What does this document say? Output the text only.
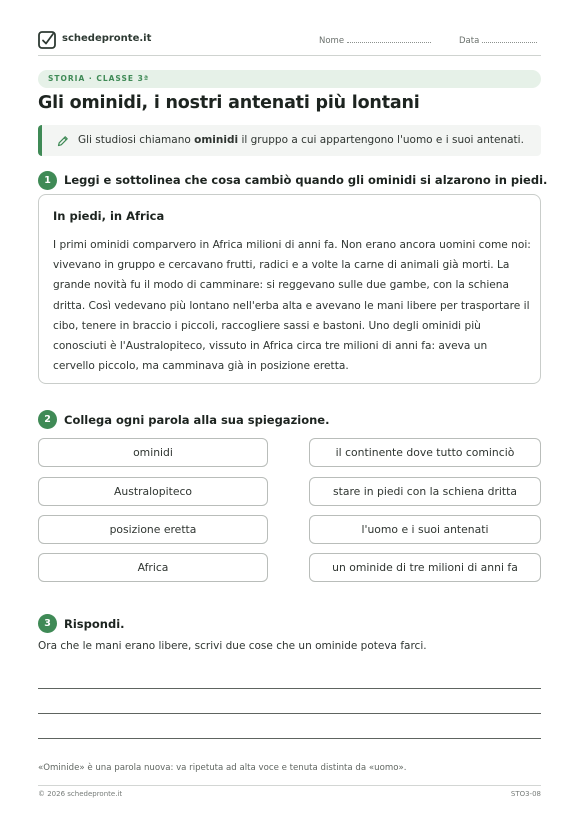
schedepronte.it	Nome	Data
STORIA · CLASSE 3ª
Gli ominidi, i nostri antenati più lontani
Gli studiosi chiamano ominidi il gruppo a cui appartengono l'uomo e i suoi antenati.
1	Leggi e sottolinea che cosa cambiò quando gli ominidi si alzarono in piedi.
In piedi, in Africa

I primi ominidi comparvero in Africa milioni di anni fa. Non erano ancora uomini come noi: vivevano in gruppo e cercavano frutti, radici e a volte la carne di animali già morti. La grande novità fu il modo di camminare: si reggevano sulle due gambe, con la schiena dritta. Così vedevano più lontano nell'erba alta e avevano le mani libere per trasportare il cibo, tenere in braccio i piccoli, raccogliere sassi e bastoni. Uno degli ominidi più conosciuti è l'Australopiteco, vissuto in Africa circa tre milioni di anni fa: aveva un cervello piccolo, ma camminava già in posizione eretta.

2	Collega ogni parola alla sua spiegazione.
ominidi
Australopiteco
posizione eretta
Africa
il continente dove tutto cominciò
stare in piedi con la schiena dritta
l'uomo e i suoi antenati
un ominide di tre milioni di anni fa
3	Rispondi.
Ora che le mani erano libere, scrivi due cose che un ominide poteva farci.
«Ominide» è una parola nuova: va ripetuta ad alta voce e tenuta distinta da «uomo».
© 2026 schedepronte.it	STO3-08
